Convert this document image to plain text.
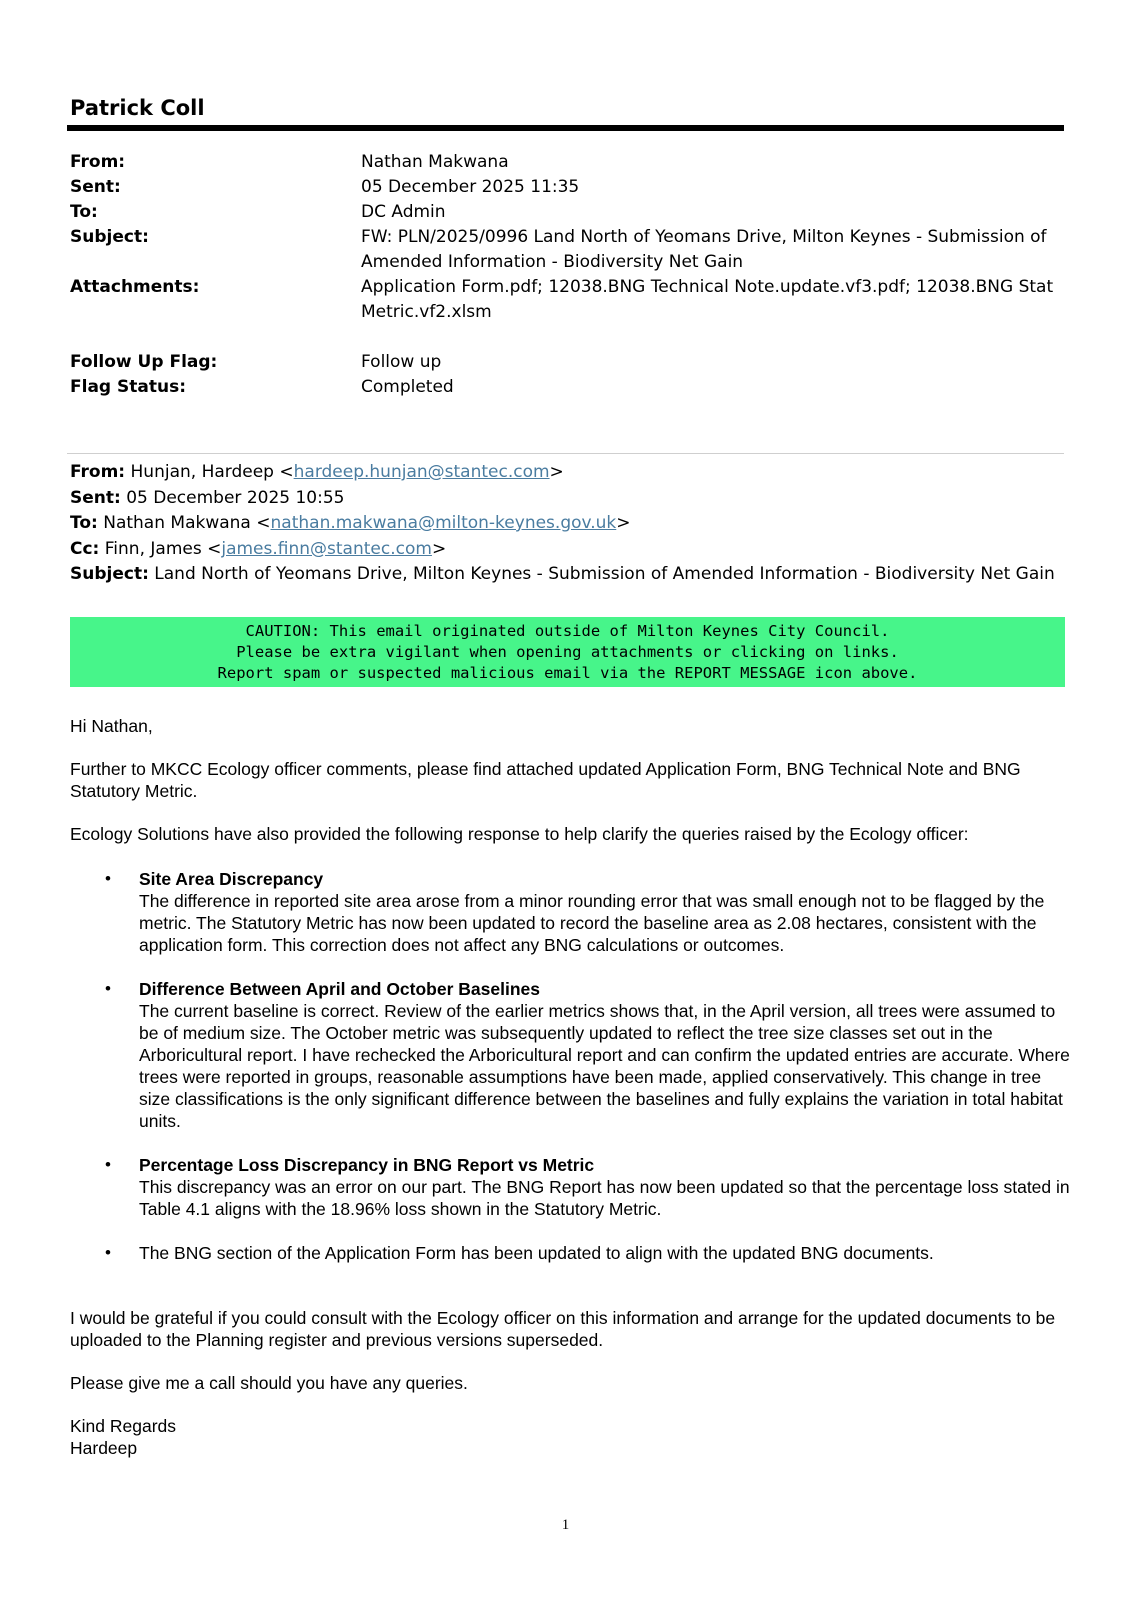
Patrick Coll
From:	Nathan Makwana
Sent:	05 December 2025 11:35
To:	DC Admin
Subject:	FW: PLN/2025/0996 Land North of Yeomans Drive, Milton Keynes - Submission of
Amended Information - Biodiversity Net Gain
Attachments:	Application Form.pdf; 12038.BNG Technical Note.update.vf3.pdf; 12038.BNG Stat
Metric.vf2.xlsm
Follow Up Flag:	Follow up
Flag Status:	Completed
From: Hunjan, Hardeep <hardeep.hunjan@stantec.com>
Sent: 05 December 2025 10:55
To: Nathan Makwana <nathan.makwana@milton-keynes.gov.uk>
Cc: Finn, James <james.finn@stantec.com>
Subject: Land North of Yeomans Drive, Milton Keynes - Submission of Amended Information - Biodiversity Net Gain
CAUTION: This email originated outside of Milton Keynes City Council.
Please be extra vigilant when opening attachments or clicking on links.
Report spam or suspected malicious email via the REPORT MESSAGE icon above.

Hi Nathan,

Further to MKCC Ecology officer comments, please find attached updated Application Form, BNG Technical Note and BNG Statutory Metric.

Ecology Solutions have also provided the following response to help clarify the queries raised by the Ecology officer:

• Site Area Discrepancy
The difference in reported site area arose from a minor rounding error that was small enough not to be flagged by the metric. The Statutory Metric has now been updated to record the baseline area as 2.08 hectares, consistent with the application form. This correction does not affect any BNG calculations or outcomes.
• Difference Between April and October Baselines
The current baseline is correct. Review of the earlier metrics shows that, in the April version, all trees were assumed to be of medium size. The October metric was subsequently updated to reflect the tree size classes set out in the Arboricultural report. I have rechecked the Arboricultural report and can confirm the updated entries are accurate. Where trees were reported in groups, reasonable assumptions have been made, applied conservatively. This change in tree size classifications is the only significant difference between the baselines and fully explains the variation in total habitat units.
• Percentage Loss Discrepancy in BNG Report vs Metric
This discrepancy was an error on our part. The BNG Report has now been updated so that the percentage loss stated in Table 4.1 aligns with the 18.96% loss shown in the Statutory Metric.
• The BNG section of the Application Form has been updated to align with the updated BNG documents.

I would be grateful if you could consult with the Ecology officer on this information and arrange for the updated documents to be uploaded to the Planning register and previous versions superseded.

Please give me a call should you have any queries.

Kind Regards
Hardeep
1
